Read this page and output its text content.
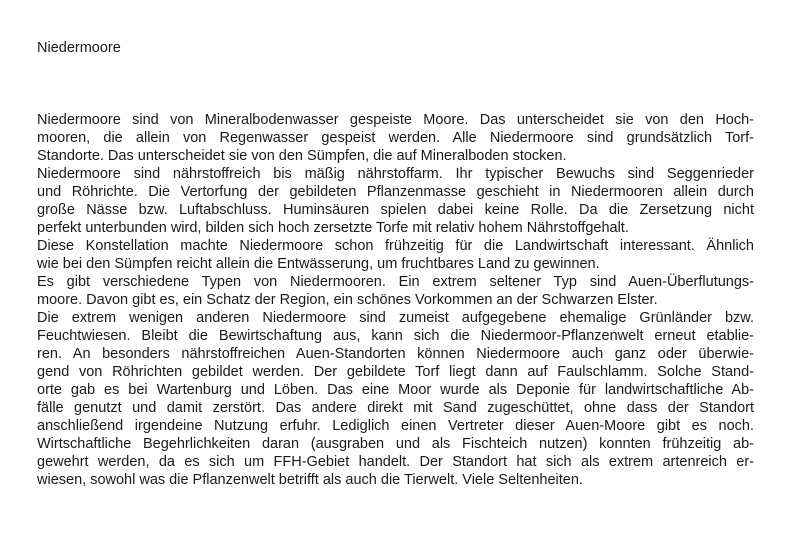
Niedermoore
Niedermoore sind von Mineralbodenwasser gespeiste Moore. Das unterscheidet sie von den Hoch-
mooren, die allein von Regenwasser gespeist werden. Alle Niedermoore sind grundsätzlich Torf-
Standorte. Das unterscheidet sie von den Sümpfen, die auf Mineralboden stocken.
Niedermoore sind nährstoffreich bis mäßig nährstoffarm. Ihr typischer Bewuchs sind Seggenrieder
und Röhrichte. Die Vertorfung der gebildeten Pflanzenmasse geschieht in Niedermooren allein durch
große Nässe bzw. Luftabschluss. Huminsäuren spielen dabei keine Rolle. Da die Zersetzung nicht
perfekt unterbunden wird, bilden sich hoch zersetzte Torfe mit relativ hohem Nährstoffgehalt.
Diese Konstellation machte Niedermoore schon frühzeitig für die Landwirtschaft interessant. Ähnlich
wie bei den Sümpfen reicht allein die Entwässerung, um fruchtbares Land zu gewinnen.
Es gibt verschiedene Typen von Niedermooren. Ein extrem seltener Typ sind Auen-Überflutungs-
moore. Davon gibt es, ein Schatz der Region, ein schönes Vorkommen an der Schwarzen Elster.
Die extrem wenigen anderen Niedermoore sind zumeist aufgegebene ehemalige Grünländer bzw.
Feuchtwiesen. Bleibt die Bewirtschaftung aus, kann sich die Niedermoor-Pflanzenwelt erneut etablie-
ren. An besonders nährstoffreichen Auen-Standorten können Niedermoore auch ganz oder überwie-
gend von Röhrichten gebildet werden. Der gebildete Torf liegt dann auf Faulschlamm. Solche Stand-
orte gab es bei Wartenburg und Löben. Das eine Moor wurde als Deponie für landwirtschaftliche Ab-
fälle genutzt und damit zerstört. Das andere direkt mit Sand zugeschüttet, ohne dass der Standort
anschließend irgendeine Nutzung erfuhr. Lediglich einen Vertreter dieser Auen-Moore gibt es noch.
Wirtschaftliche Begehrlichkeiten daran (ausgraben und als Fischteich nutzen) konnten frühzeitig ab-
gewehrt werden, da es sich um FFH-Gebiet handelt. Der Standort hat sich als extrem artenreich er-
wiesen, sowohl was die Pflanzenwelt betrifft als auch die Tierwelt. Viele Seltenheiten.
